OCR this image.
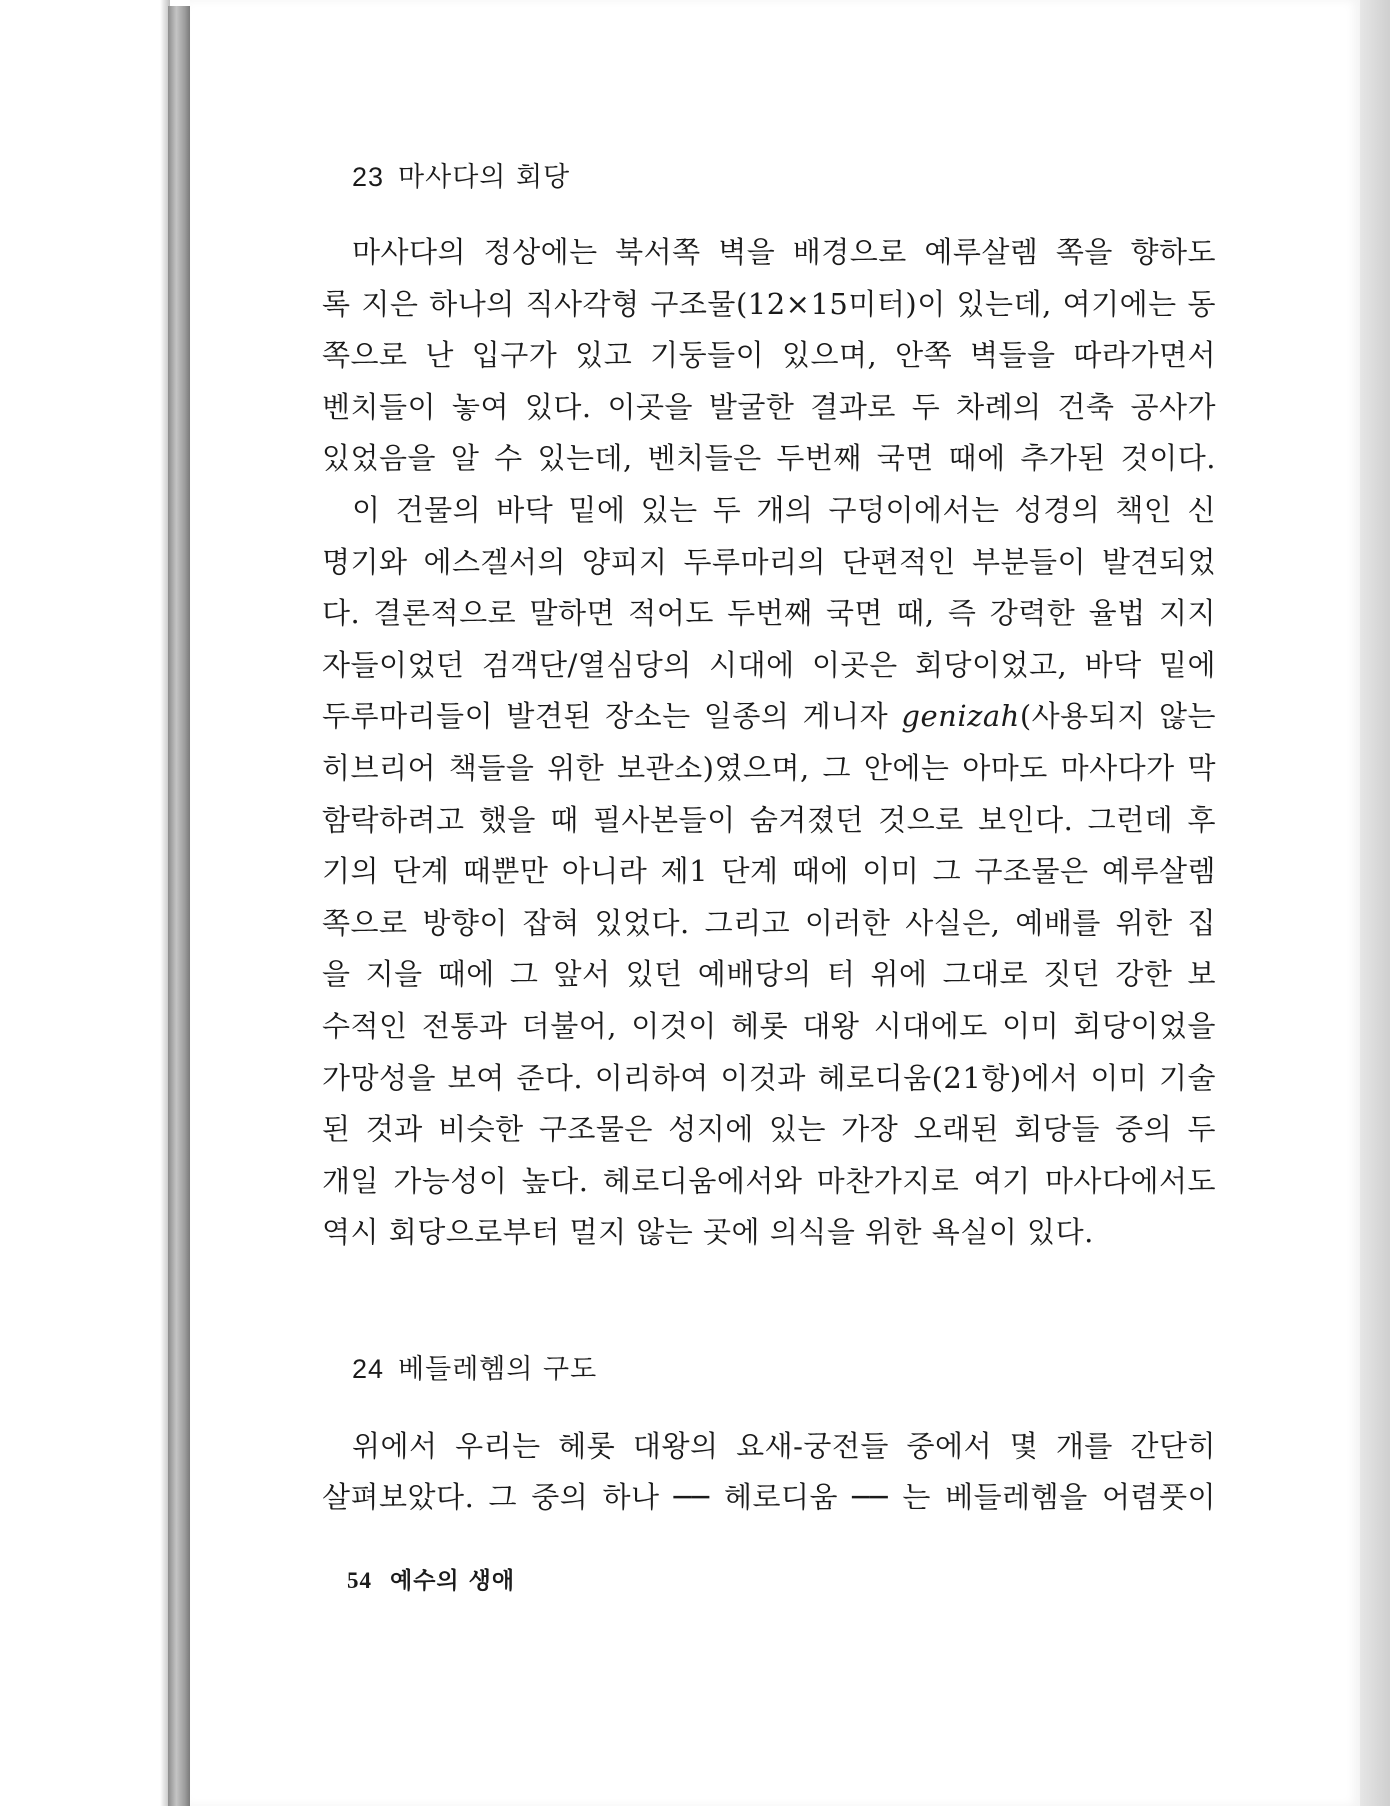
23 마사다의 회당
마사다의 정상에는 북서쪽 벽을 배경으로 예루살렘 쪽을 향하도
록 지은 하나의 직사각형 구조물(12×15미터)이 있는데, 여기에는 동
쪽으로 난 입구가 있고 기둥들이 있으며, 안쪽 벽들을 따라가면서
벤치들이 놓여 있다. 이곳을 발굴한 결과로 두 차례의 건축 공사가
있었음을 알 수 있는데, 벤치들은 두번째 국면 때에 추가된 것이다.
이 건물의 바닥 밑에 있는 두 개의 구덩이에서는 성경의 책인 신
명기와 에스겔서의 양피지 두루마리의 단편적인 부분들이 발견되었
다. 결론적으로 말하면 적어도 두번째 국면 때, 즉 강력한 율법 지지
자들이었던 검객단/열심당의 시대에 이곳은 회당이었고, 바닥 밑에
두루마리들이 발견된 장소는 일종의 게니자 genizah(사용되지 않는
히브리어 책들을 위한 보관소)였으며, 그 안에는 아마도 마사다가 막
함락하려고 했을 때 필사본들이 숨겨졌던 것으로 보인다. 그런데 후
기의 단계 때뿐만 아니라 제1 단계 때에 이미 그 구조물은 예루살렘
쪽으로 방향이 잡혀 있었다. 그리고 이러한 사실은, 예배를 위한 집
을 지을 때에 그 앞서 있던 예배당의 터 위에 그대로 짓던 강한 보
수적인 전통과 더불어, 이것이 헤롯 대왕 시대에도 이미 회당이었을
가망성을 보여 준다. 이리하여 이것과 헤로디움(21항)에서 이미 기술
된 것과 비슷한 구조물은 성지에 있는 가장 오래된 회당들 중의 두
개일 가능성이 높다. 헤로디움에서와 마찬가지로 여기 마사다에서도
역시 회당으로부터 멀지 않는 곳에 의식을 위한 욕실이 있다.
24 베들레헴의 구도
위에서 우리는 헤롯 대왕의 요새-궁전들 중에서 몇 개를 간단히
살펴보았다. 그 중의 하나 ── 헤로디움 ── 는 베들레헴을 어렴풋이
54 예수의 생애
